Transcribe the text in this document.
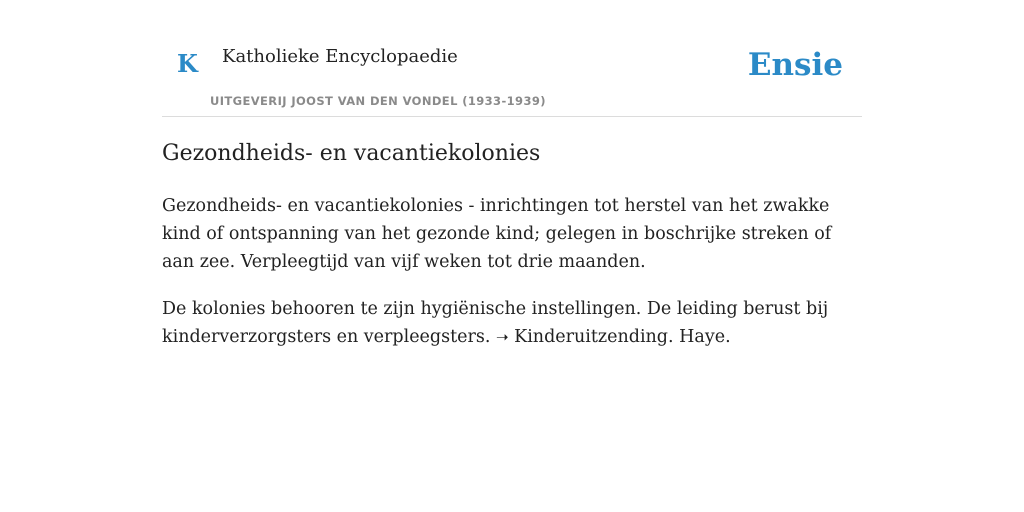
K Katholieke Encyclopaedie
UITGEVERIJ JOOST VAN DEN VONDEL (1933-1939)
Ensie
Gezondheids- en vacantiekolonies

Gezondheids- en vacantiekolonies - inrichtingen tot herstel van het zwakke kind of ontspanning van het gezonde kind; gelegen in boschrijke streken of aan zee. Verpleegtijd van vijf weken tot drie maanden.

De kolonies behooren te zijn hygiënische instellingen. De leiding berust bij kinderverzorgsters en verpleegsters. ➝ Kinderuitzending. Haye.
